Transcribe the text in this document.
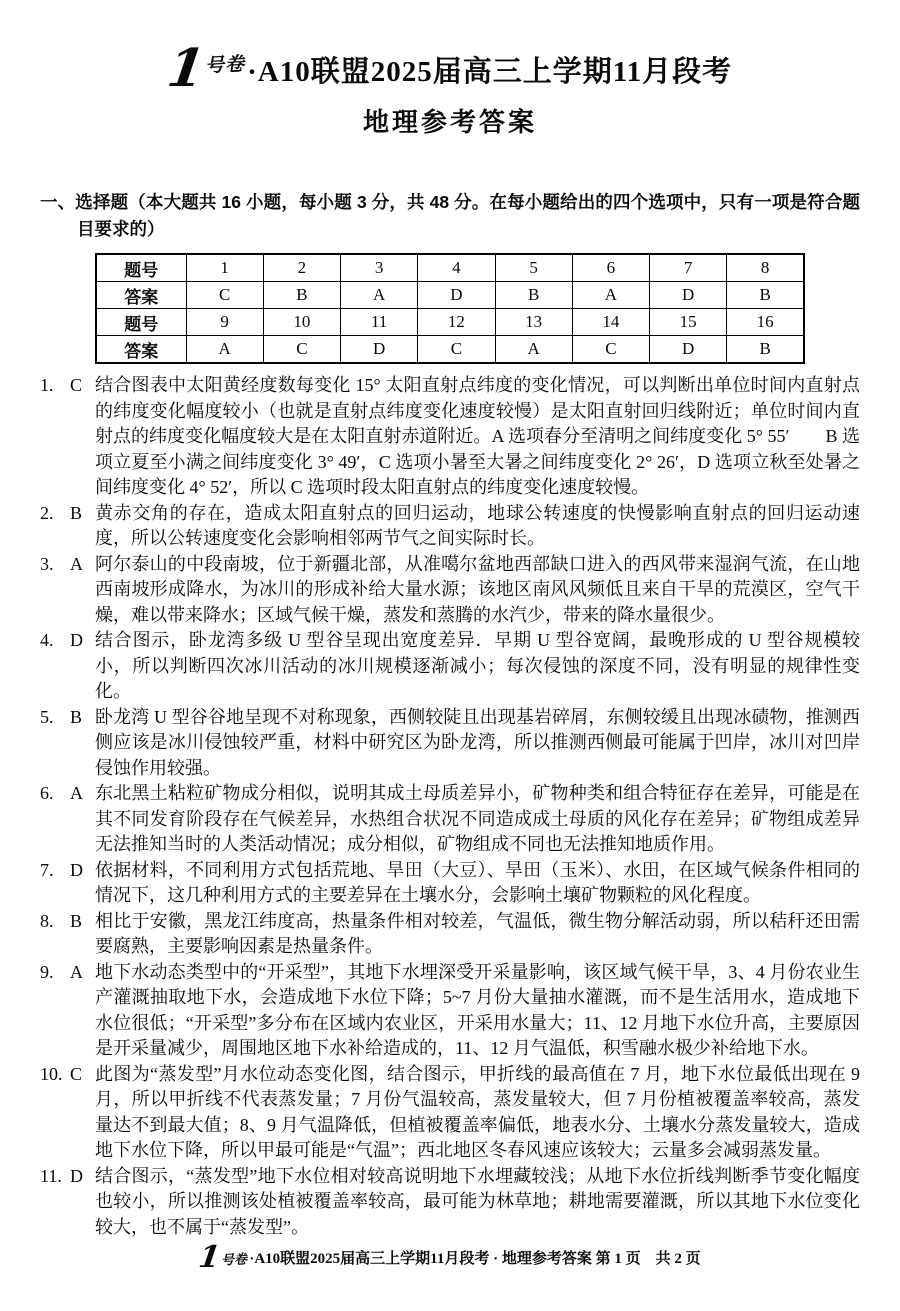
1
号卷 ·A10联盟2025届高三上学期11月段考
地理参考答案
一、选择题（本大题共 16 小题，每小题 3 分，共 48 分。在每小题给出的四个选项中，只有一项是符合题目要求的）
题号	1	2	3	4	5	6	7	8
答案	C	B	A	D	B	A	D	B
题号	9	10	11	12	13	14	15	16
答案	A	C	D	C	A	C	D	B
1. C 结合图表中太阳黄经度数每变化 15° 太阳直射点纬度的变化情况，可以判断出单位时间内直射点的纬度变化幅度较小（也就是直射点纬度变化速度较慢）是太阳直射回归线附近；单位时间内直射点的纬度变化幅度较大是在太阳直射赤道附近。A 选项春分至清明之间纬度变化 5° 55′　　B 选项立夏至小满之间纬度变化 3° 49′，C 选项小暑至大暑之间纬度变化 2° 26′，D 选项立秋至处暑之间纬度变化 4° 52′，所以 C 选项时段太阳直射点的纬度变化速度较慢。
2. B 黄赤交角的存在，造成太阳直射点的回归运动，地球公转速度的快慢影响直射点的回归运动速度，所以公转速度变化会影响相邻两节气之间实际时长。
3. A 阿尔泰山的中段南坡，位于新疆北部，从准噶尔盆地西部缺口进入的西风带来湿润气流，在山地西南坡形成降水，为冰川的形成补给大量水源；该地区南风风频低且来自干旱的荒漠区，空气干燥，难以带来降水；区域气候干燥，蒸发和蒸腾的水汽少，带来的降水量很少。
4. D 结合图示，卧龙湾多级 U 型谷呈现出宽度差异．早期 U 型谷宽阔，最晚形成的 U 型谷规模较小，所以判断四次冰川活动的冰川规模逐渐减小；每次侵蚀的深度不同，没有明显的规律性变化。
5. B 卧龙湾 U 型谷谷地呈现不对称现象，西侧较陡且出现基岩碎屑，东侧较缓且出现冰碛物，推测西侧应该是冰川侵蚀较严重，材料中研究区为卧龙湾，所以推测西侧最可能属于凹岸，冰川对凹岸侵蚀作用较强。
6. A 东北黑土粘粒矿物成分相似，说明其成土母质差异小，矿物种类和组合特征存在差异，可能是在其不同发育阶段存在气候差异，水热组合状况不同造成成土母质的风化存在差异；矿物组成差异无法推知当时的人类活动情况；成分相似，矿物组成不同也无法推知地质作用。
7. D 依据材料，不同利用方式包括荒地、旱田（大豆）、旱田（玉米）、水田，在区域气候条件相同的情况下，这几种利用方式的主要差异在土壤水分，会影响土壤矿物颗粒的风化程度。
8. B 相比于安徽，黑龙江纬度高，热量条件相对较差，气温低，微生物分解活动弱，所以秸秆还田需要腐熟，主要影响因素是热量条件。
9. A 地下水动态类型中的“开采型”，其地下水埋深受开采量影响，该区域气候干旱，3、4 月份农业生产灌溉抽取地下水，会造成地下水位下降；5~7 月份大量抽水灌溉，而不是生活用水，造成地下水位很低；“开采型”多分布在区域内农业区，开采用水量大；11、12 月地下水位升高，主要原因是开采量减少，周围地区地下水补给造成的，11、12 月气温低，积雪融水极少补给地下水。
10. C 此图为“蒸发型”月水位动态变化图，结合图示，甲折线的最高值在 7 月，地下水位最低出现在 9 月，所以甲折线不代表蒸发量；7 月份气温较高，蒸发量较大，但 7 月份植被覆盖率较高，蒸发量达不到最大值；8、9 月气温降低，但植被覆盖率偏低，地表水分、土壤水分蒸发量较大，造成地下水位下降，所以甲最可能是“气温”；西北地区冬春风速应该较大；云量多会减弱蒸发量。
11. D 结合图示，“蒸发型”地下水位相对较高说明地下水埋藏较浅；从地下水位折线判断季节变化幅度也较小，所以推测该处植被覆盖率较高，最可能为林草地；耕地需要灌溉，所以其地下水位变化较大，也不属于“蒸发型”。
1
号卷 ·A10联盟2025届高三上学期11月段考 · 地理参考答案 第 1 页　共 2 页
